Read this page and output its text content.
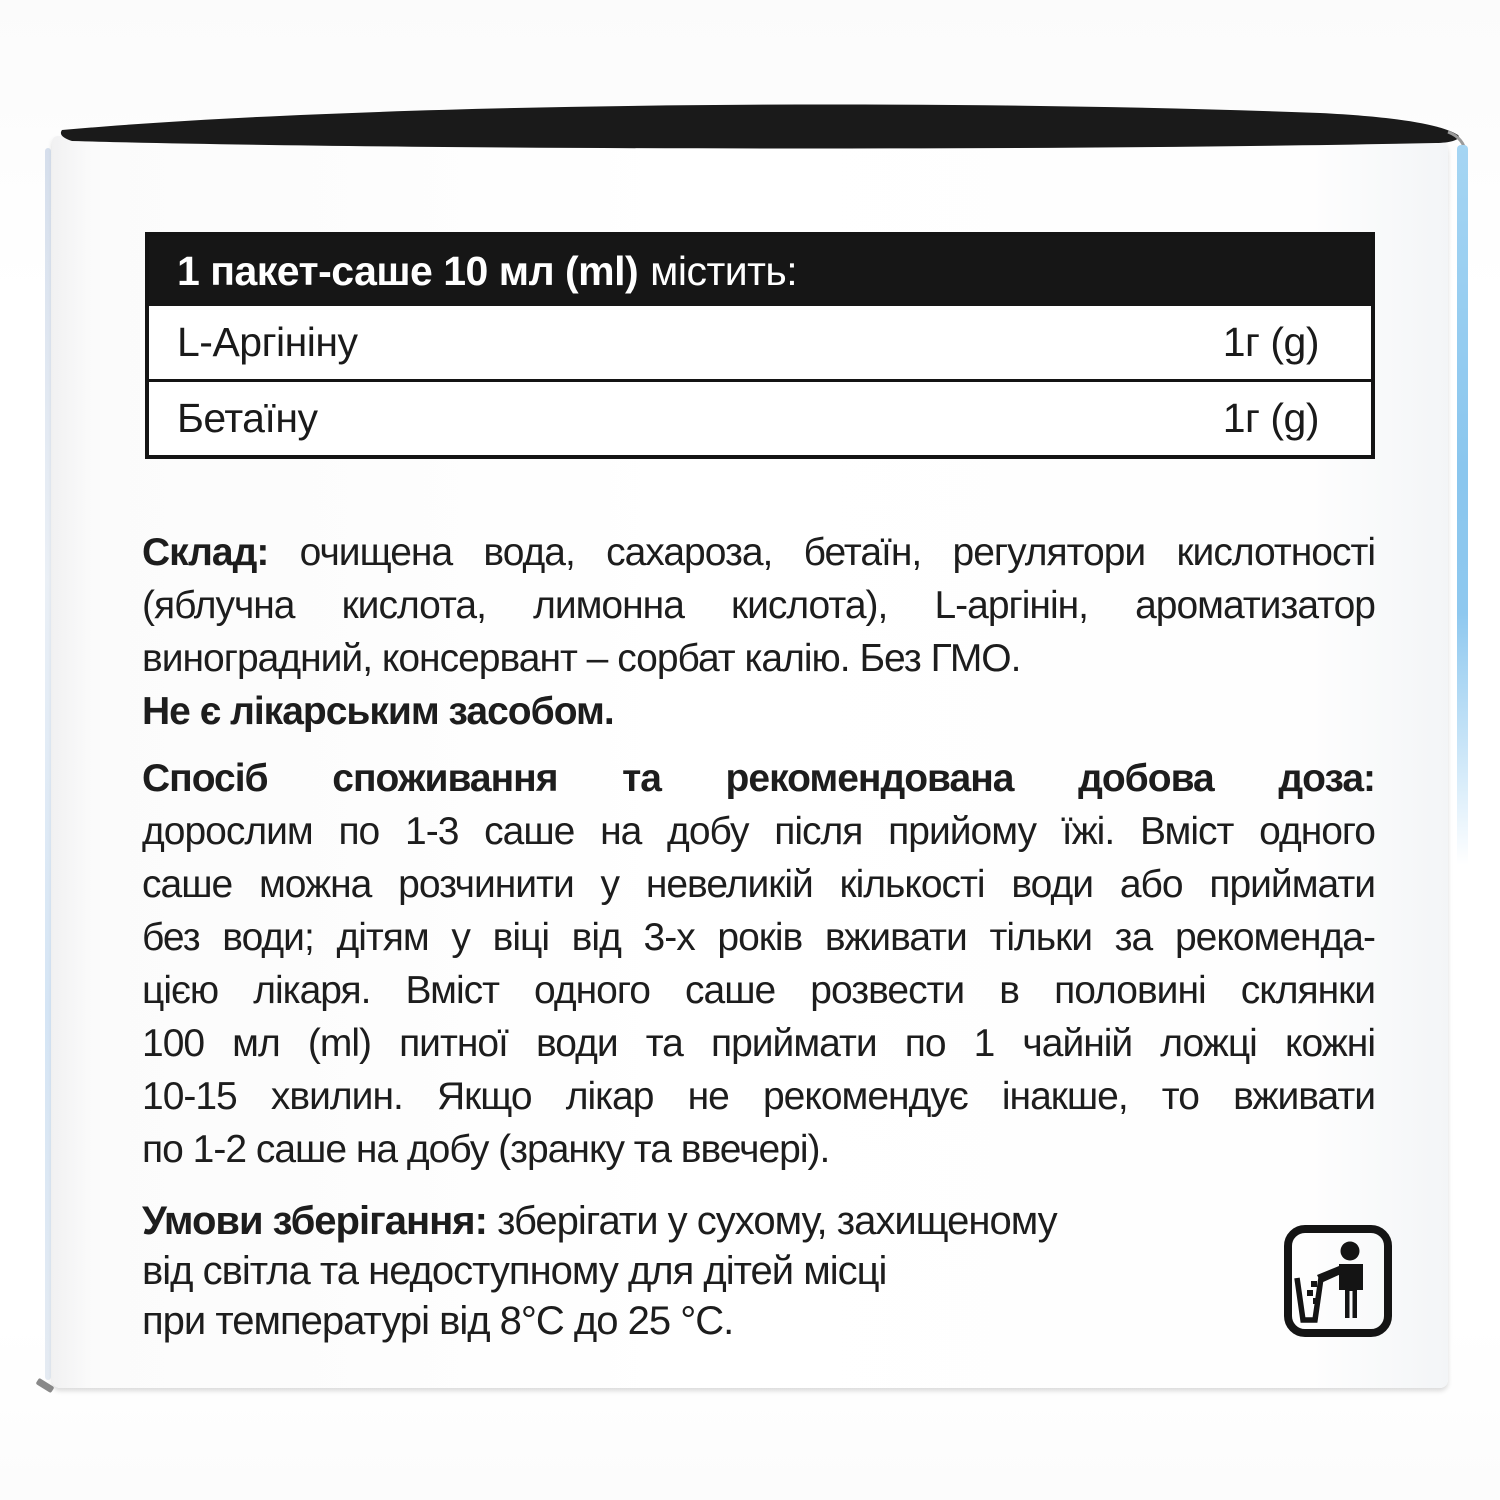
1 пакет-саше 10 мл (ml) містить:
L-Аргініну	1г (g)
Бетаїну	1г (g)
Склад: очищена вода, сахароза, бетаїн, регулятори кислотності
(яблучна кислота, лимонна кислота), L-аргінін, ароматизатор
виноградний, консервант – сорбат калію. Без ГМО.
Не є лікарським засобом.
Спосіб споживання та рекомендована добова доза:
дорослим по 1-3 саше на добу після прийому їжі. Вміст одного
саше можна розчинити у невеликій кількості води або приймати
без води; дітям у віці від 3-х років вживати тільки за рекоменда-
цією лікаря. Вміст одного саше розвести в половині склянки
100 мл (ml) питної води та приймати по 1 чайній ложці кожні
10-15 хвилин. Якщо лікар не рекомендує інакше, то вживати
по 1-2 саше на добу (зранку та ввечері).
Умови зберігання: зберігати у сухому, захищеному
від світла та недоступному для дітей місці
при температурі від 8°С до 25 °С.
